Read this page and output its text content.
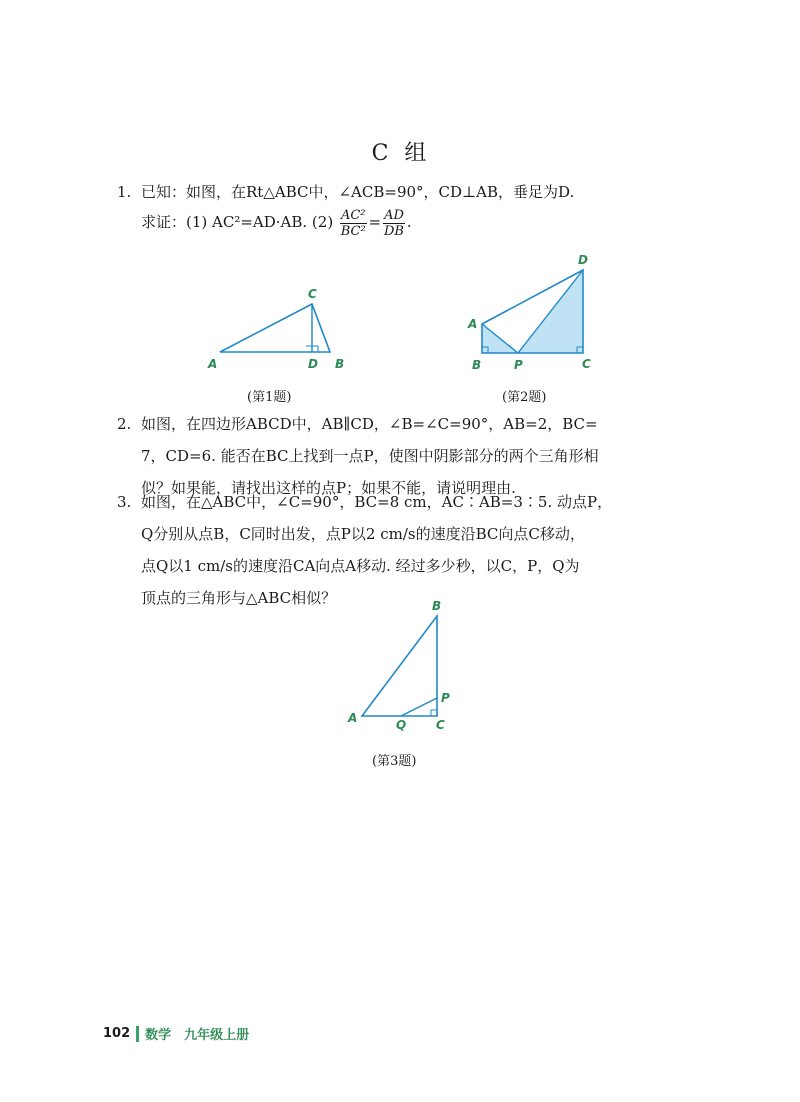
C 组
1. 已知：如图，在Rt△ABC中，∠ACB=90°，CD⊥AB，垂足为D.
求证：(1) AC²=AD·AB. $(2) \frac{\text{AC²}}{\text{BC²}} = \frac{AD}{DB}$ .
A
C
D B
(第1题)
D
A
B	P	C
(第2题)
2. 如图，在四边形ABCD中，AB∥CD，∠B=∠C=90°，AB=2，BC=
7，CD=6. 能否在BC上找到一点P，使图中阴影部分的两个三角形相
似？如果能，请找出这样的点P；如果不能，请说明理由.
3. 如图，在△ABC中，∠C=90°，BC=8 cm，AC∶AB=3∶5. 动点P，
Q分别从点B，C同时出发，点P以2 cm/s的速度沿BC向点C移动，
点Q以1 cm/s的速度沿CA向点A移动. 经过多少秒，以C，P，Q为
顶点的三角形与△ABC相似？	B
P
A	Q C
(第3题)
102 数学　九年级上册
